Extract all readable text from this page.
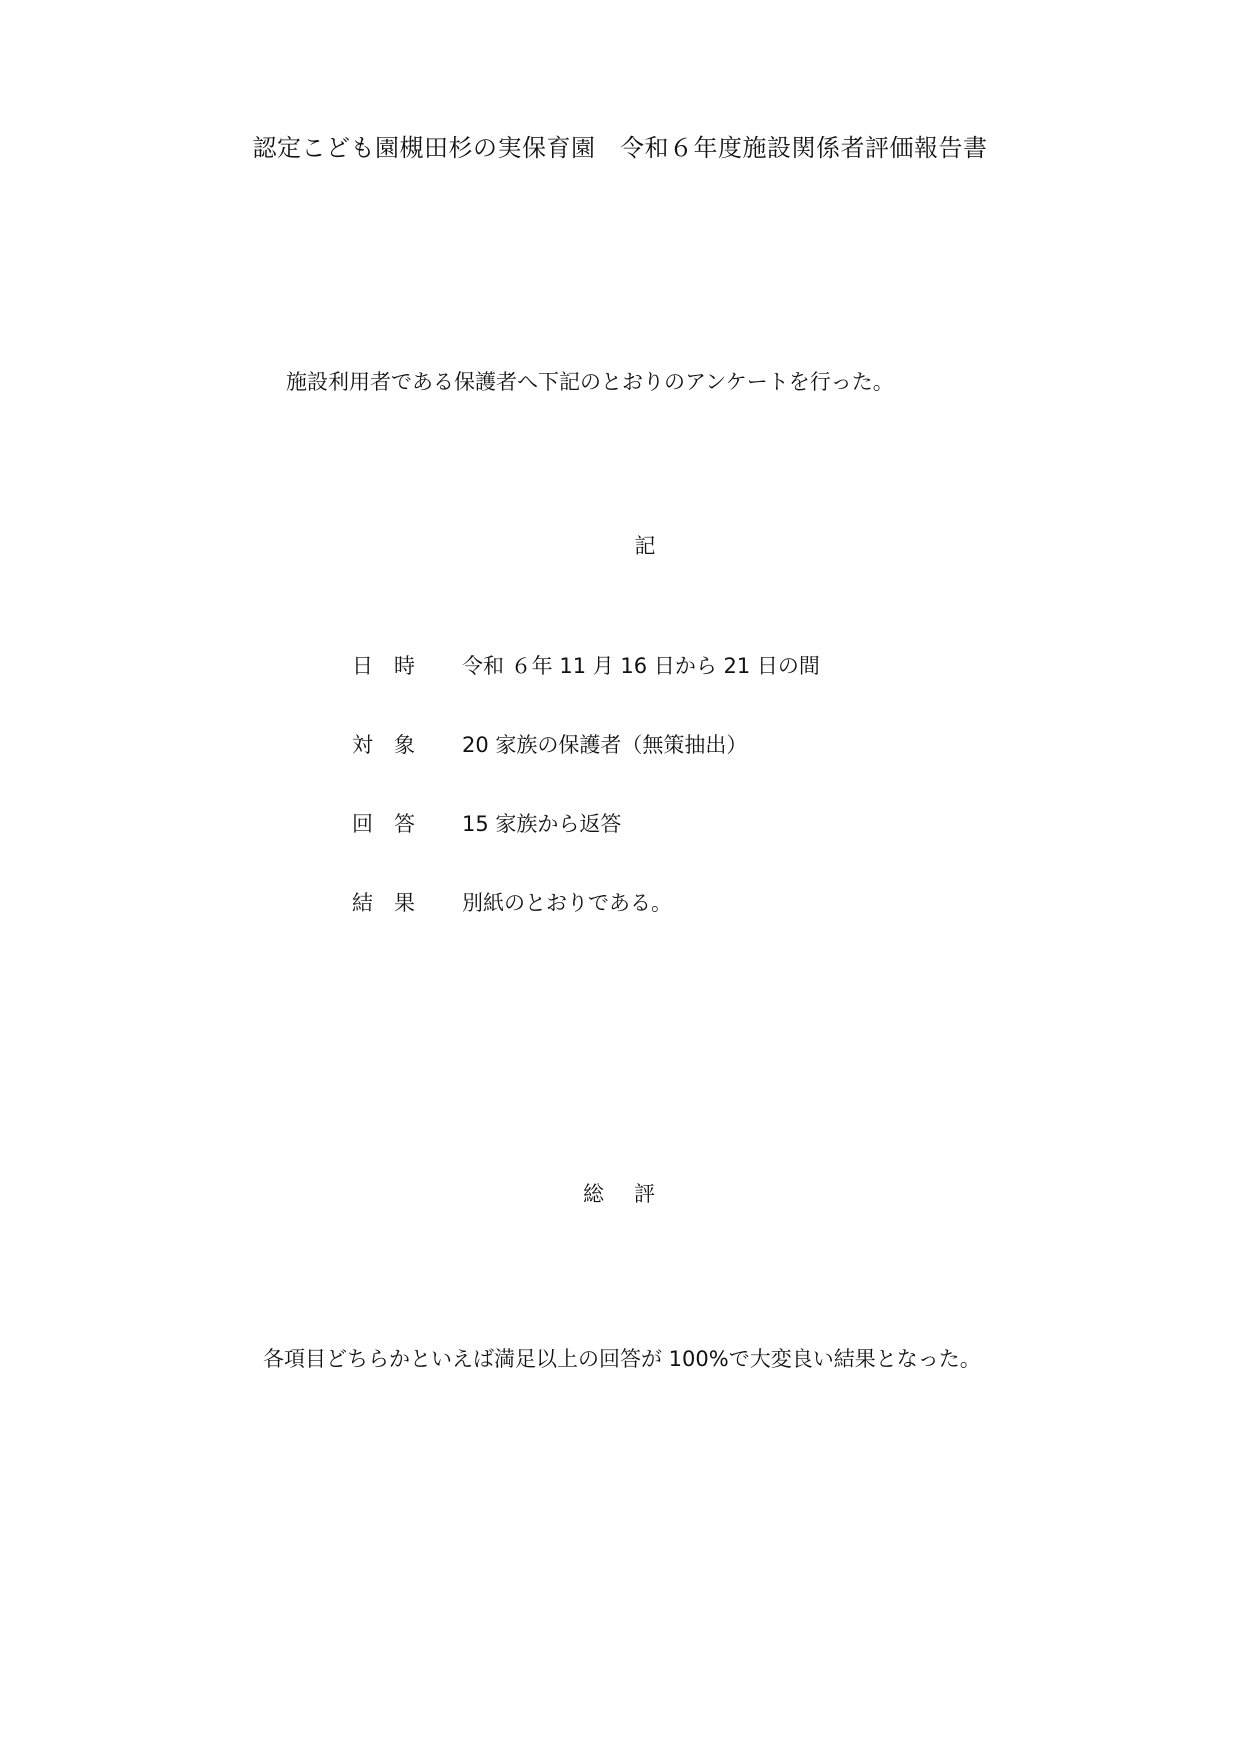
認定こども園槻田杉の実保育園　令和６年度施設関係者評価報告書
施設利用者である保護者へ下記のとおりのアンケートを行った。
記
日　時 令和 ６年 11 月 16 日から 21 日の間
対　象 20 家族の保護者（無策抽出）
回　答 15 家族から返答
結　果 別紙のとおりである。
総評
各項目どちらかといえば満足以上の回答が 100%で大変良い結果となった。
